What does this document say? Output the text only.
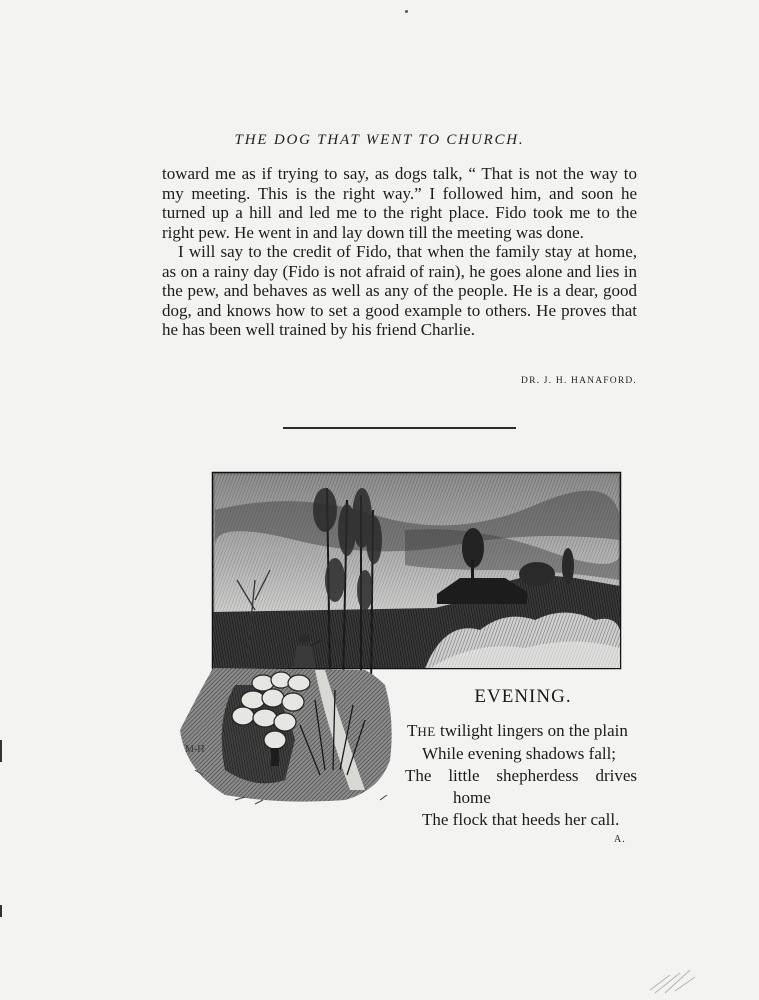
THE DOG THAT WENT TO CHURCH.

toward me as if trying to say, as dogs talk, “ That is not the way to my meeting. This is the right way.” I followed him, and soon he turned up a hill and led me to the right place. Fido took me to the right pew. He went in and lay down till the meeting was done.

I will say to the credit of Fido, that when the family stay at home, as on a rainy day (Fido is not afraid of rain), he goes alone and lies in the pew, and behaves as well as any of the people. He is a dear, good dog, and knows how to set a good example to others. He proves that he has been well trained by his friend Charlie.

DR. J. H. HANAFORD.
M-H
EVENING.
THE twilight lingers on the plain
While evening shadows fall;
The little shepherdess drives
home
The flock that heeds her call.
A.
